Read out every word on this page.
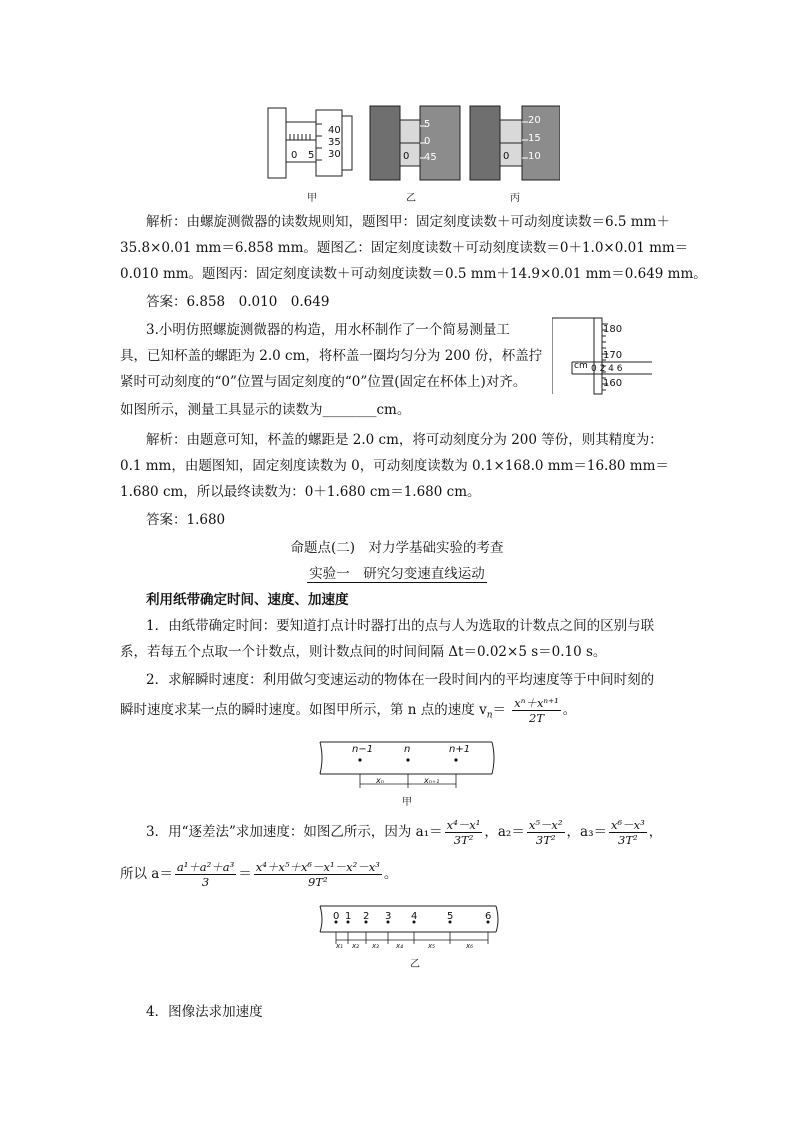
40
35
30
0 5
甲
5
0
45
0
乙
20
15
10
0
丙
解析：由螺旋测微器的读数规则知，题图甲：固定刻度读数＋可动刻度读数＝6.5 mm＋
35.8×0.01 mm＝6.858 mm。题图乙：固定刻度读数＋可动刻度读数＝0＋1.0×0.01 mm＝
0.010 mm。题图丙：固定刻度读数＋可动刻度读数＝0.5 mm＋14.9×0.01 mm＝0.649 mm。
答案：6.858　0.010　0.649
3.小明仿照螺旋测微器的构造，用水杯制作了一个简易测量工
具，已知杯盖的螺距为 2.0 cm，将杯盖一圈均匀分为 200 份，杯盖拧
紧时可动刻度的“0”位置与固定刻度的“0”位置(固定在杯体上)对齐。
如图所示，测量工具显示的读数为________cm。
180
170
160
cm 0 2 4 6
解析：由题意可知，杯盖的螺距是 2.0 cm，将可动刻度分为 200 等份，则其精度为：
0.1 mm，由题图知，固定刻度读数为 0，可动刻度读数为 0.1×168.0 mm＝16.80 mm＝
1.680 cm，所以最终读数为：0＋1.680 cm＝1.680 cm。
答案：1.680
命题点(二)　对力学基础实验的考查
实验一　研究匀变速直线运动
利用纸带确定时间、速度、加速度
1．由纸带确定时间：要知道打点计时器打出的点与人为选取的计数点之间的区别与联
系，若每五个点取一个计数点，则计数点间的时间间隔 Δt＝0.02×5 s＝0.10 s。
2．求解瞬时速度：利用做匀变速运动的物体在一段时间内的平均速度等于中间时刻的
瞬时速度求某一点的瞬时速度。如图甲所示，第 n 点的速度 $v_n= \frac{\text{xⁿ＋xⁿ⁺¹}}{2T}$ 。
n−1	n	n+1
xₙ	xₙ₊₁
甲
3．用“逐差法”求加速度：如图乙所示，因为 $a_1= \frac{\text{x⁴－x¹}}{\text{3T²}}$ ，$a_2= \frac{\text{x⁵－x²}}{\text{3T²}}$ ，$a_3= \frac{\text{x⁶－x³}}{\text{3T²}}$ ，
所以 $a= \frac{\text{a¹＋a²＋a³}}{3} = \frac{\text{x⁴＋x⁵＋x⁶－x¹－x²－x³}}{\text{9T²}}$ 。
0 1 2 3 4	5	6
x₁ x₂ x₃ x₄	x₅	x₆
乙
4．图像法求加速度
